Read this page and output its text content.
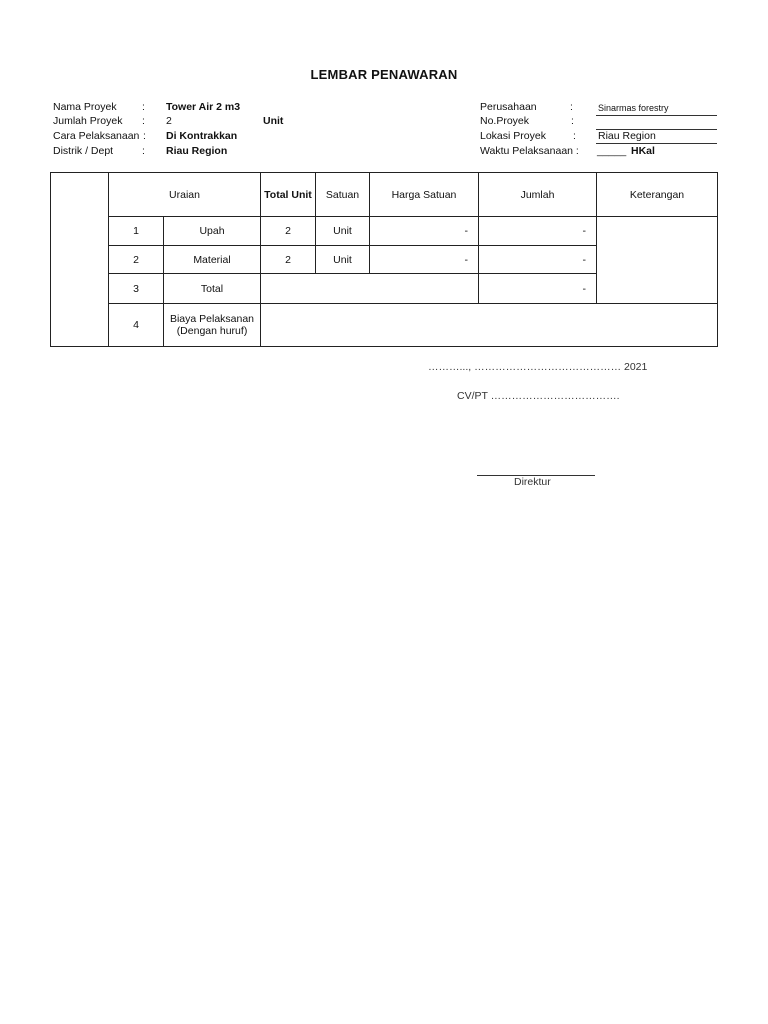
LEMBAR PENAWARAN
Nama Proyek : Tower Air 2 m3
Jumlah Proyek : 2	Unit
Cara Pelaksanaan : Di Kontrakkan
Distrik / Dept	: Riau Region
Perusahaan	:	Sinarmas forestry
No.Proyek	:
Lokasi Proyek	: Riau Region
Waktu Pelaksanaan : _____ HKal
	Uraian		Total Unit	Satuan	Harga Satuan	Jumlah	Keterangan
	1	Upah	2	Unit	-	-	
	2	Material	2	Unit	-	-	
	3	Total				-	
	4	Biaya Pelaksanan
(Dengan huruf)					

………..., …………………………………… 2021
CV/PT ……………………………….
Direktur
